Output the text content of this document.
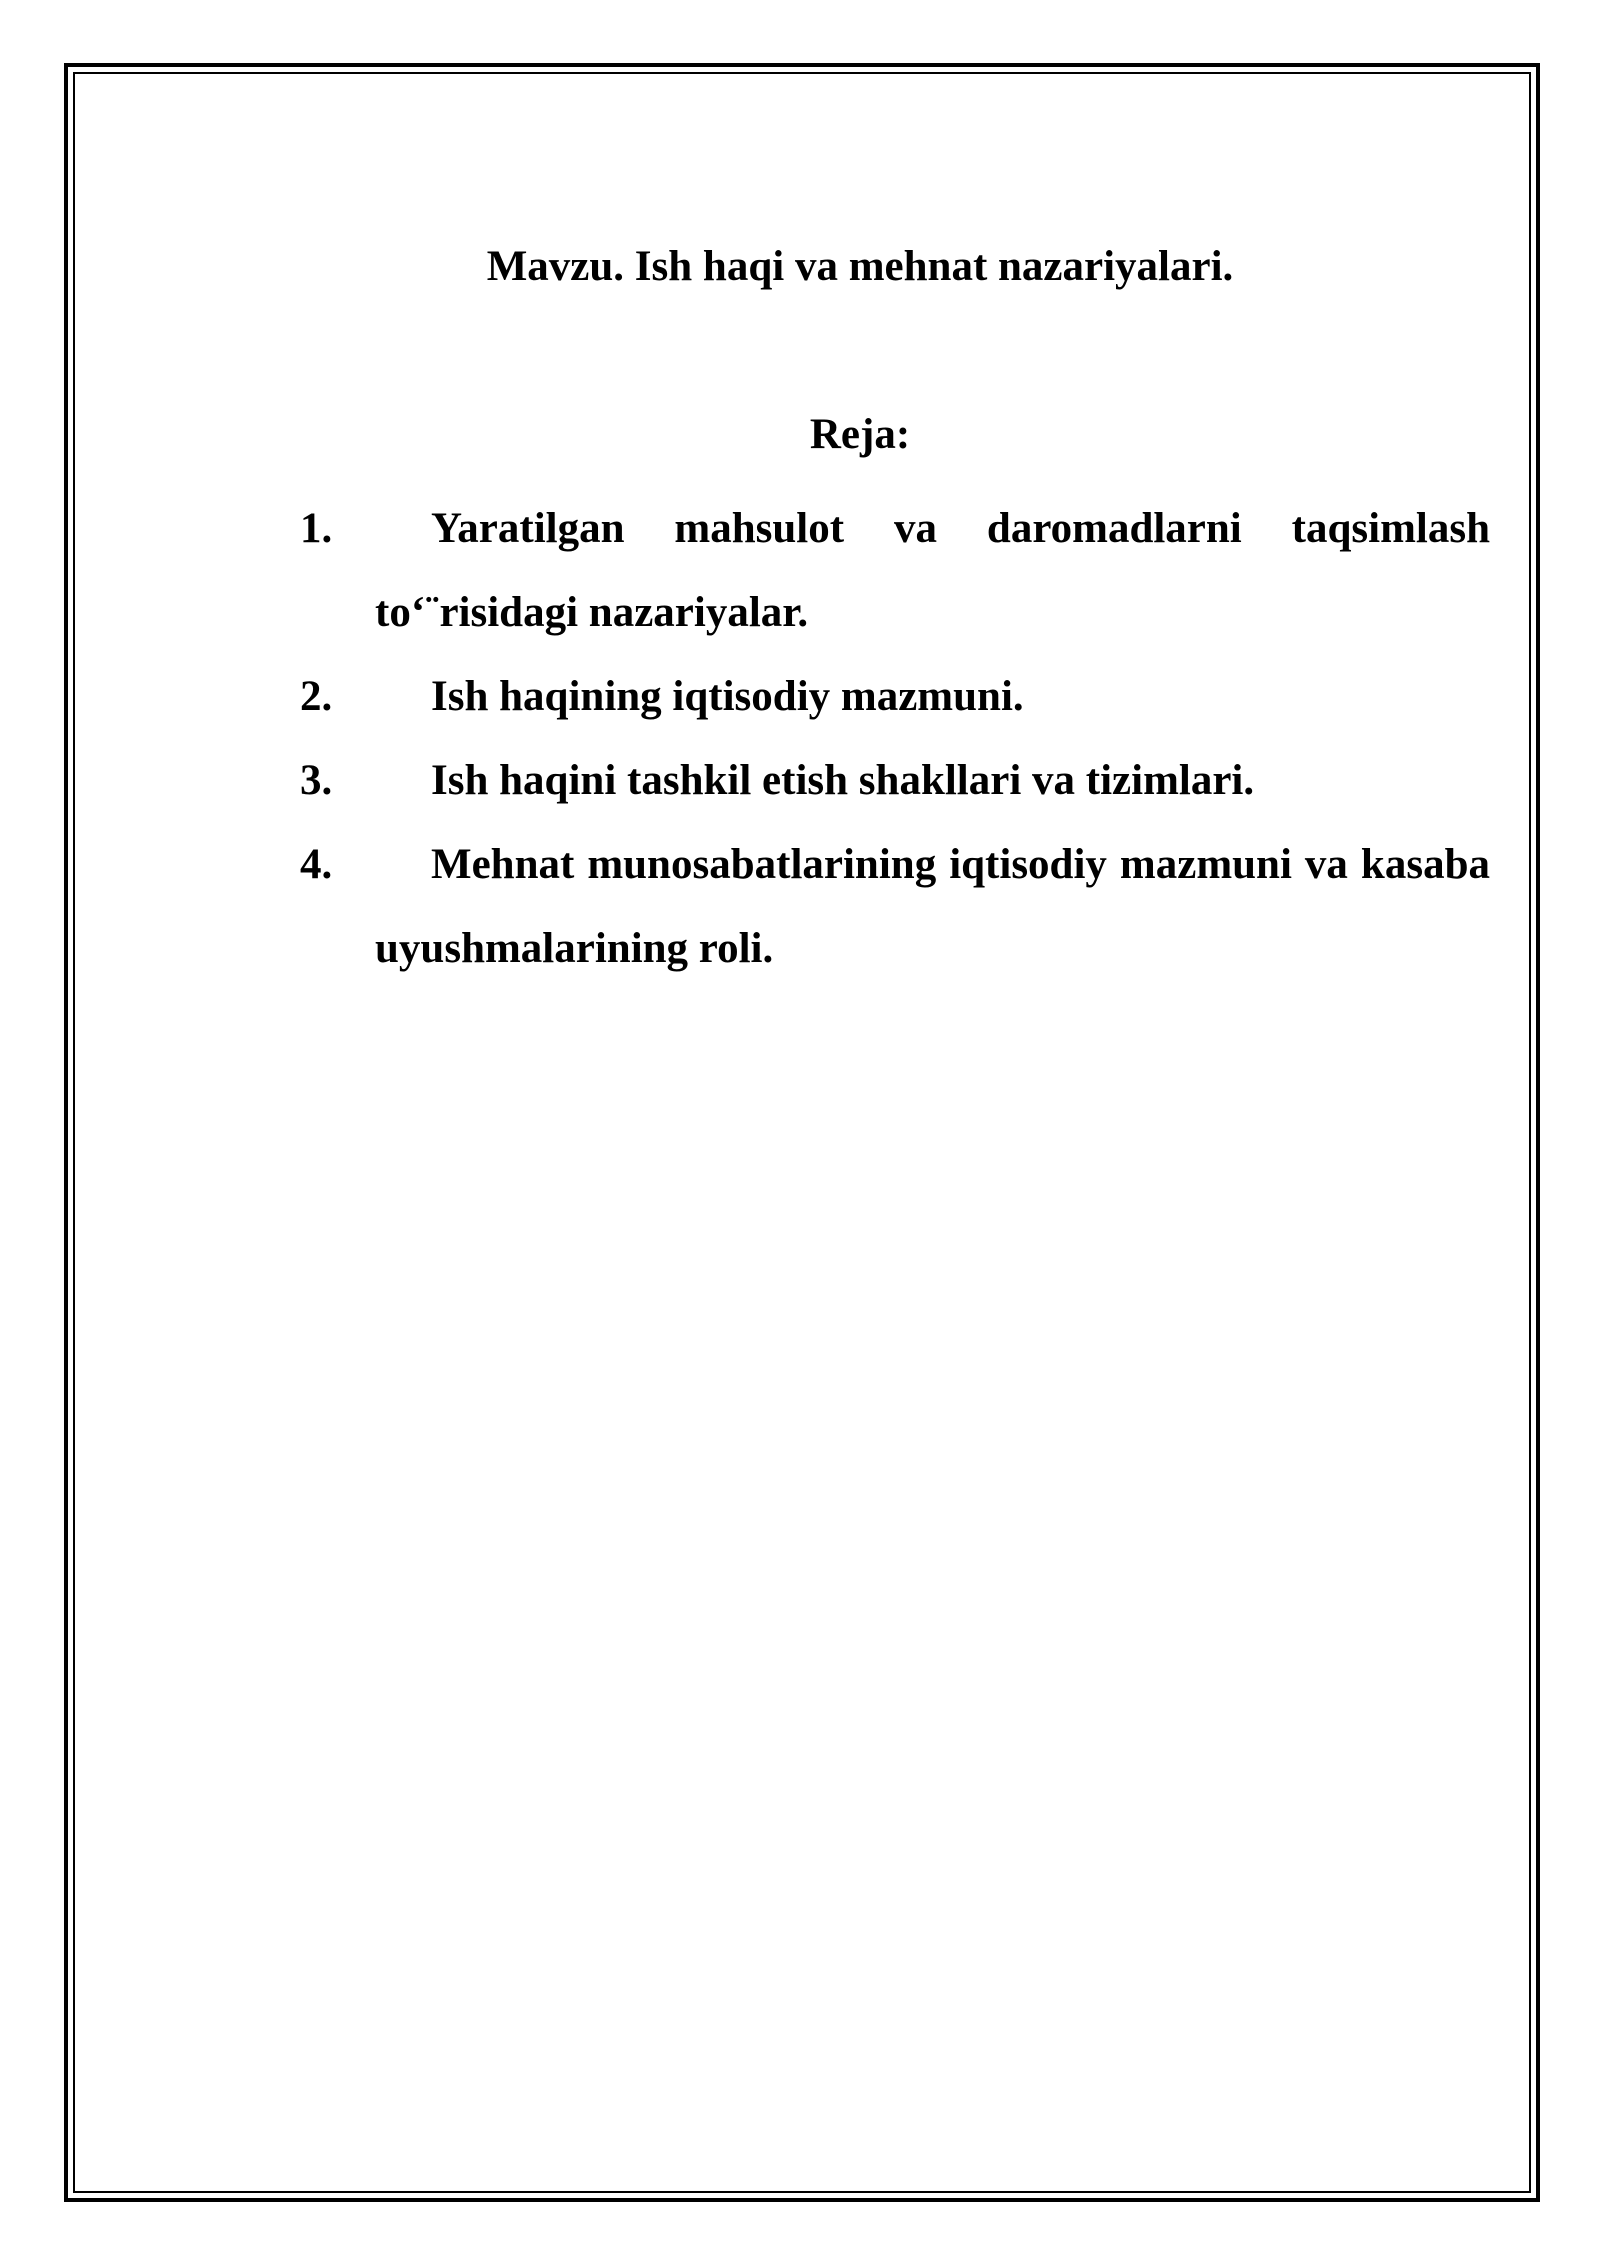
Mavzu. Ish haqi va mehnat nazariyalari.
Reja:
1.	Yaratilgan mahsulot va daromadlarni taqsimlash to‘¨risidagi nazariyalar.
2.	Ish haqining iqtisodiy mazmuni.
3.	Ish haqini tashkil etish shakllari va tizimlari.
4.	Mehnat munosabatlarining iqtisodiy mazmuni va kasaba uyushmalarining roli.
